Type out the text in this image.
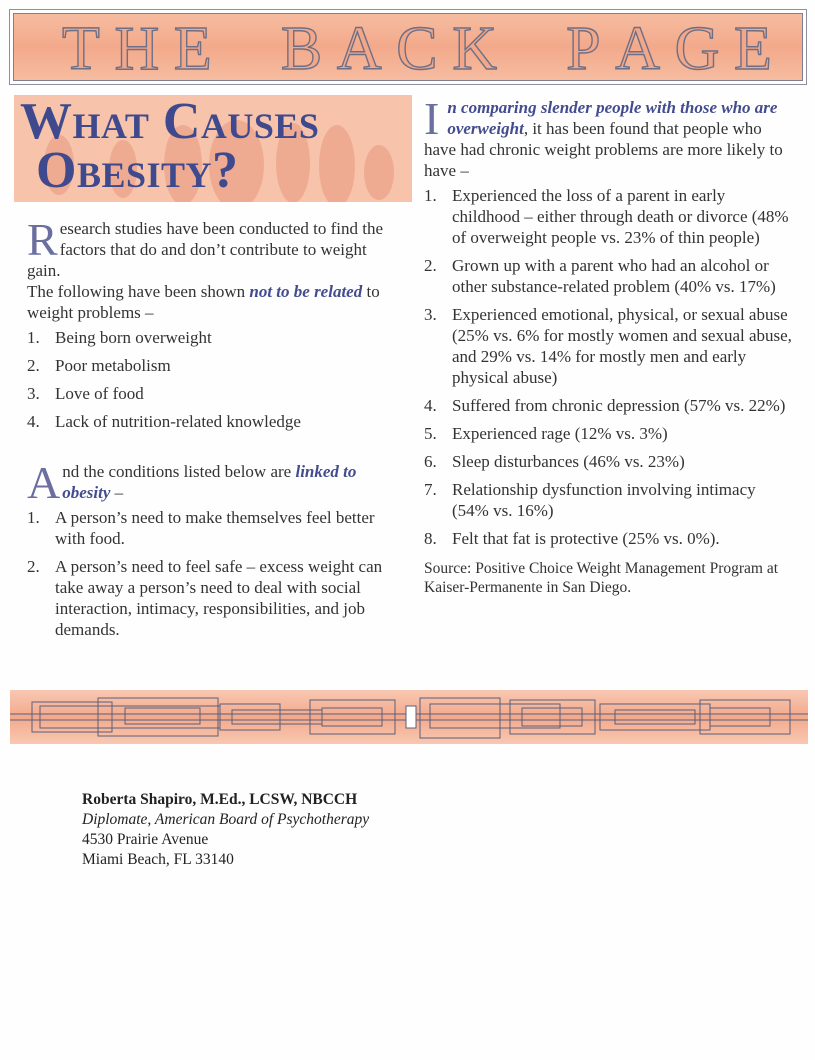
T H E B A C K P A G E
What Causes
Obesity?

Research studies have been conducted to find the factors that do and don’t contribute to weight gain.

The following have been shown not to be related to weight problems –

1. Being born overweight
2. Poor metabolism
3. Love of food
4. Lack of nutrition-related knowledge

And the conditions listed below are linked to obesity –

1. A person’s need to make themselves feel better with food.
2. A person’s need to feel safe – excess weight can take away a person’s need to deal with social interaction, intimacy, responsibilities, and job demands.

In comparing slender people with those who are overweight, it has been found that people who have had chronic weight problems are more likely to have –

1. Experienced the loss of a parent in early childhood – either through death or divorce (48% of overweight people vs. 23% of thin people)
2. Grown up with a parent who had an alcohol or other substance-related problem (40% vs. 17%)
3. Experienced emotional, physical, or sexual abuse (25% vs. 6% for mostly women and sexual abuse, and 29% vs. 14% for mostly men and early physical abuse)
4. Suffered from chronic depression (57% vs. 22%)
5. Experienced rage (12% vs. 3%)
6. Sleep disturbances (46% vs. 23%)
7. Relationship dysfunction involving intimacy (54% vs. 16%)
8. Felt that fat is protective (25% vs. 0%).

Source: Positive Choice Weight Management Program at Kaiser-Permanente in San Diego.

Roberta Shapiro, M.Ed., LCSW, NBCCH
Diplomate, American Board of Psychotherapy
4530 Prairie Avenue
Miami Beach, FL 33140
